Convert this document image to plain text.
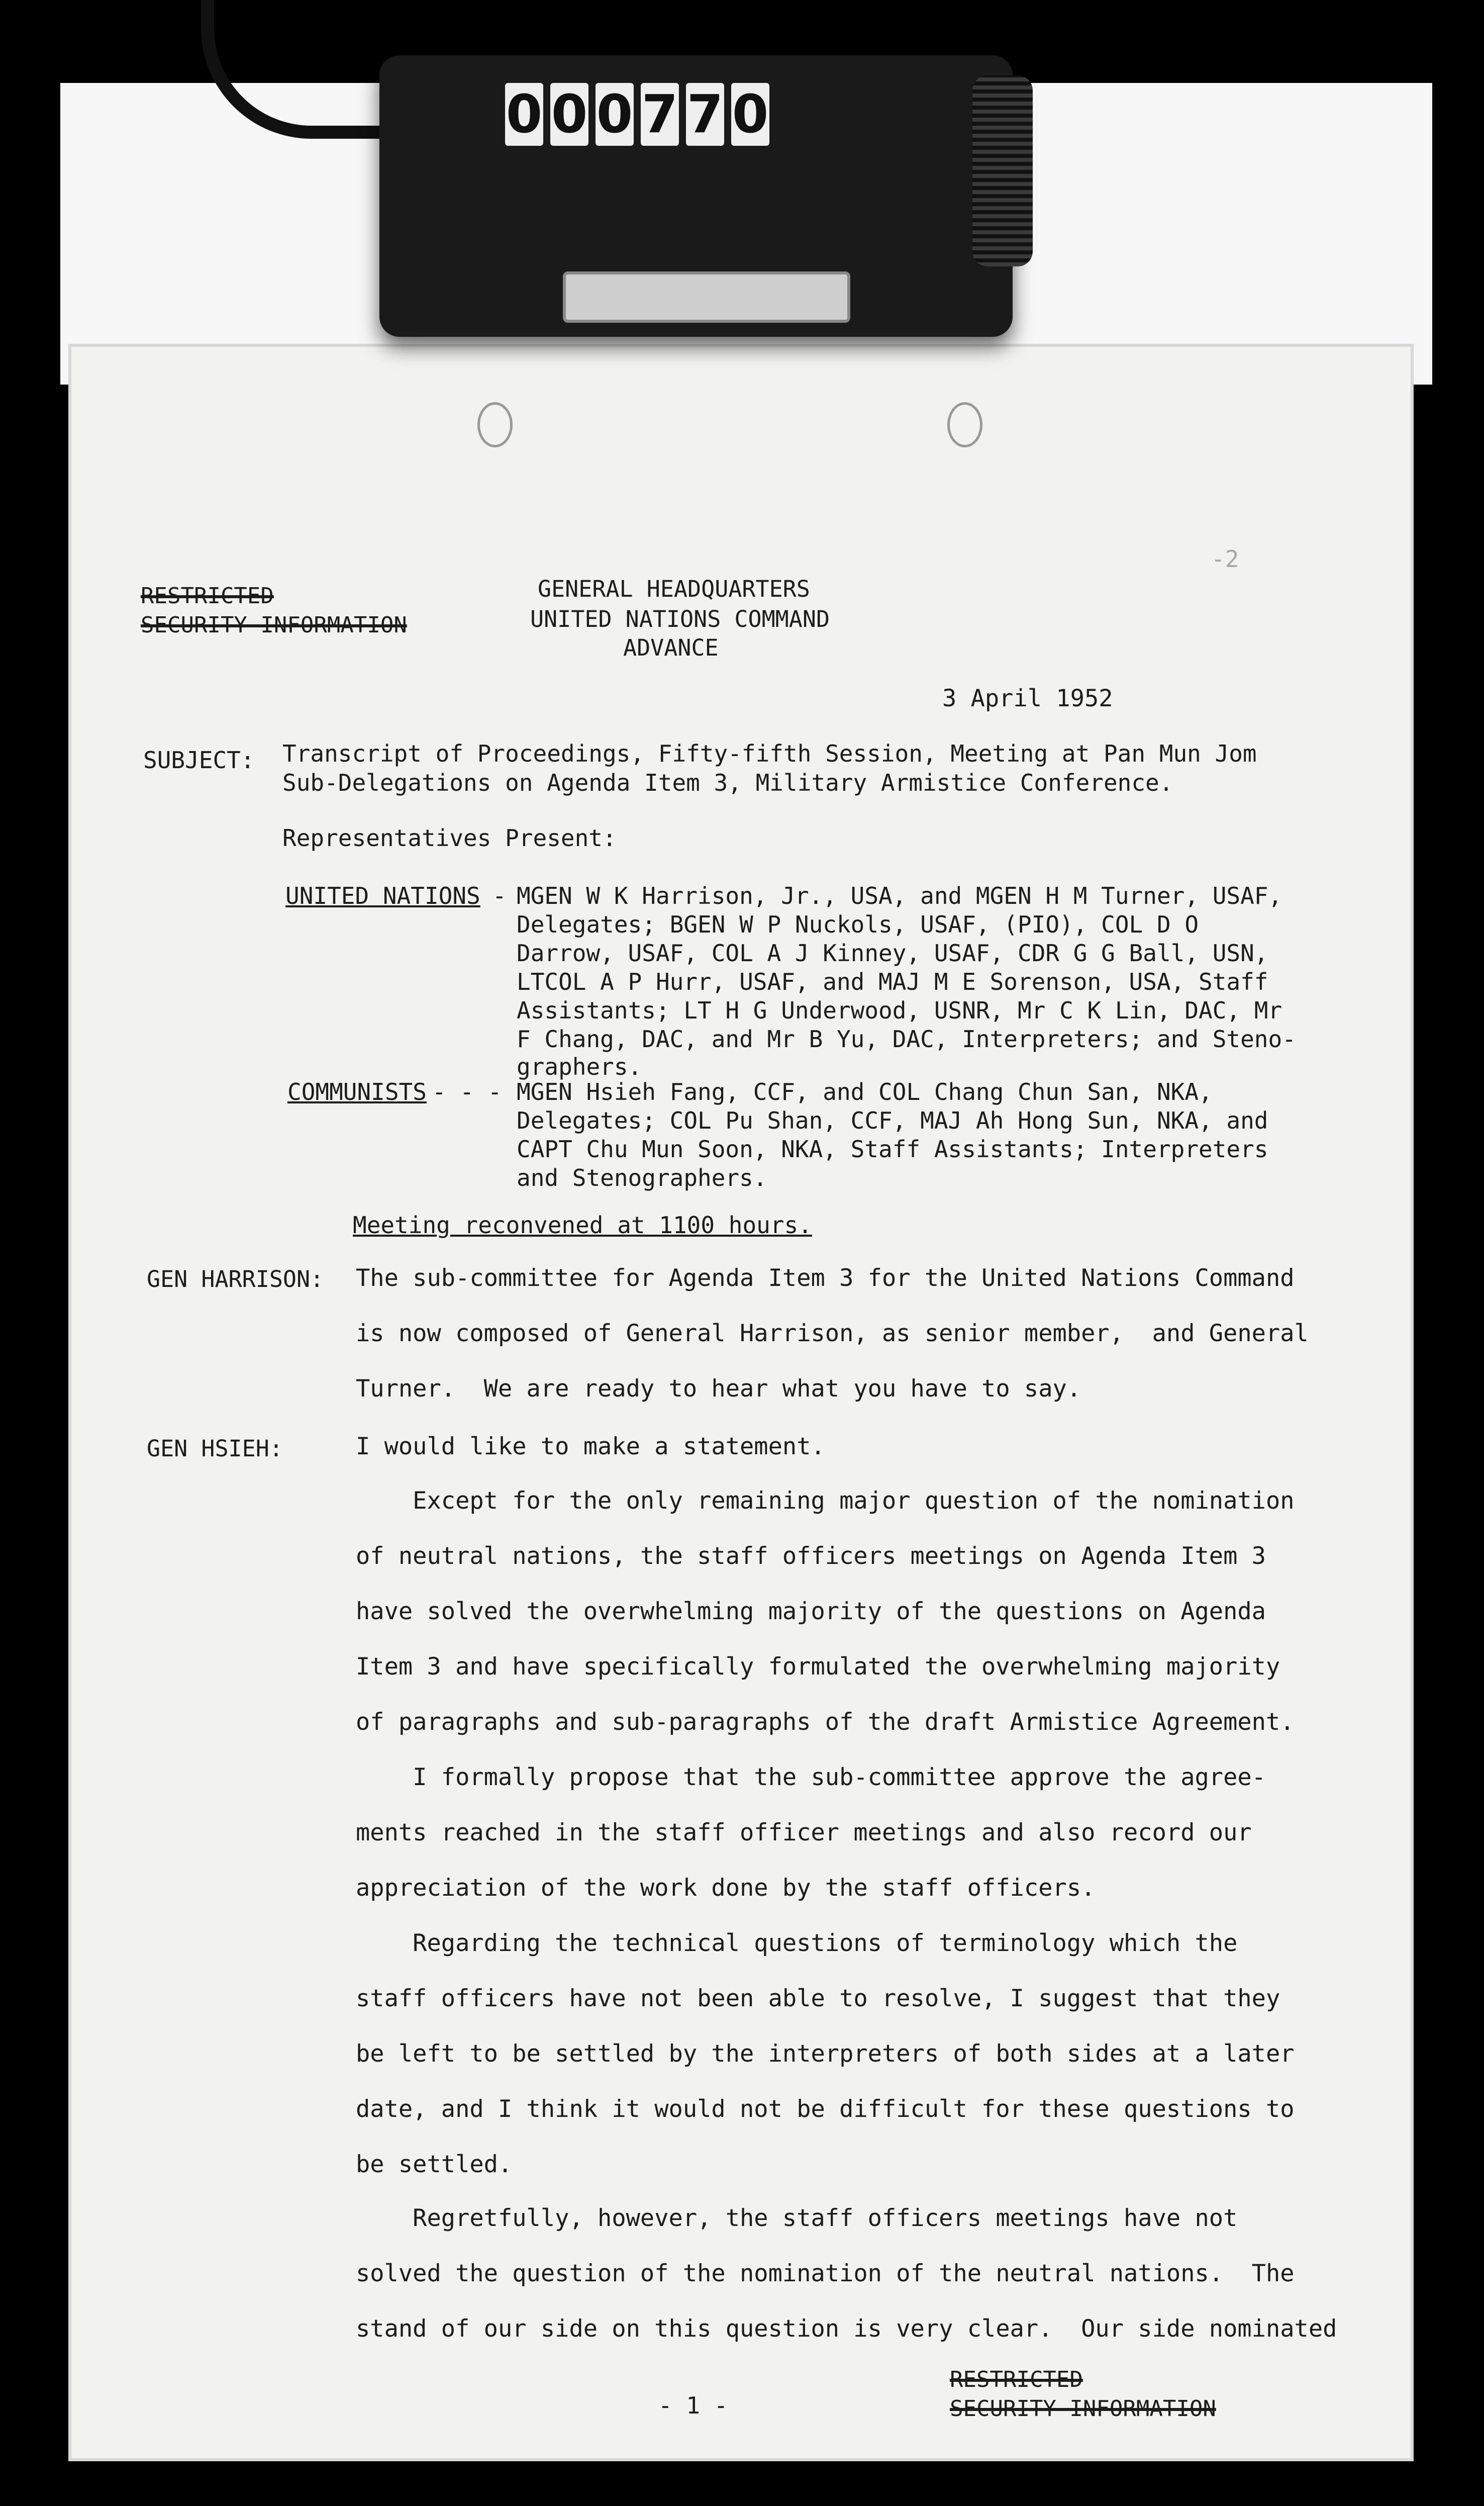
0 0 0 7 7 0
RESTRICTED
SECURITY INFORMATION
GENERAL HEADQUARTERS
UNITED NATIONS COMMAND
ADVANCE
-2
3 April 1952
SUBJECT: Transcript of Proceedings, Fifty-fifth Session, Meeting at Pan Mun Jom
Sub-Delegations on Agenda Item 3, Military Armistice Conference.
Representatives Present:
UNITED NATIONS - MGEN W K Harrison, Jr., USA, and MGEN H M Turner, USAF,
Delegates; BGEN W P Nuckols, USAF, (PIO), COL D O
Darrow, USAF, COL A J Kinney, USAF, CDR G G Ball, USN,
LTCOL A P Hurr, USAF, and MAJ M E Sorenson, USA, Staff
Assistants; LT H G Underwood, USNR, Mr C K Lin, DAC, Mr
F Chang, DAC, and Mr B Yu, DAC, Interpreters; and Steno-
graphers.
COMMUNISTS - - - MGEN Hsieh Fang, CCF, and COL Chang Chun San, NKA,
Delegates; COL Pu Shan, CCF, MAJ Ah Hong Sun, NKA, and
CAPT Chu Mun Soon, NKA, Staff Assistants; Interpreters
and Stenographers.
Meeting reconvened at 1100 hours.
GEN HARRISON: The sub-committee for Agenda Item 3 for the United Nations Command
is now composed of General Harrison, as senior member,  and General
Turner.  We are ready to hear what you have to say.
GEN HSIEH:	I would like to make a statement.
Except for the only remaining major question of the nomination
of neutral nations, the staff officers meetings on Agenda Item 3
have solved the overwhelming majority of the questions on Agenda
Item 3 and have specifically formulated the overwhelming majority
of paragraphs and sub-paragraphs of the draft Armistice Agreement.
I formally propose that the sub-committee approve the agree-
ments reached in the staff officer meetings and also record our
appreciation of the work done by the staff officers.
Regarding the technical questions of terminology which the
staff officers have not been able to resolve, I suggest that they
be left to be settled by the interpreters of both sides at a later
date, and I think it would not be difficult for these questions to
be settled.
Regretfully, however, the staff officers meetings have not
solved the question of the nomination of the neutral nations.  The
stand of our side on this question is very clear.  Our side nominated
- 1 -
RESTRICTED
SECURITY INFORMATION
